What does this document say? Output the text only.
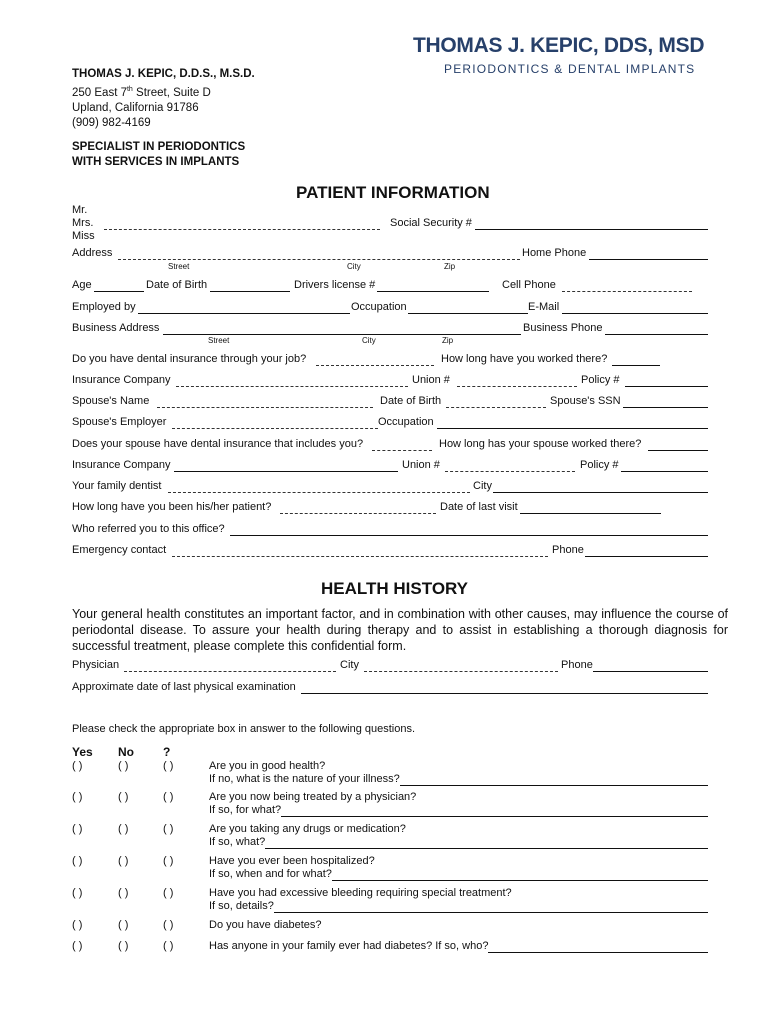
THOMAS J. KEPIC, DDS, MSD
PERIODONTICS & DENTAL IMPLANTS
THOMAS J. KEPIC, D.D.S., M.S.D.
250 East 7th Street, Suite D
Upland, California 91786
(909) 982-4169
SPECIALIST IN PERIODONTICS
WITH SERVICES IN IMPLANTS
PATIENT INFORMATION
Mr.
Mrs.
Miss
Social Security #
Address	Home Phone
Street	City	Zip
Age	Date of Birth	Drivers license #	Cell Phone
Employed by	Occupation	E-Mail
Business Address	Business Phone
Street	City	Zip
Do you have dental insurance through your job?	How long have you worked there?
Insurance Company	Union #	Policy #
Spouse's Name	Date of Birth	Spouse's SSN
Spouse's Employer	Occupation
Does your spouse have dental insurance that includes you?	How long has your spouse worked there?
Insurance Company	Union #	Policy #
Your family dentist	City
How long have you been his/her patient?	Date of last visit
Who referred you to this office?
Emergency contact	Phone
HEALTH HISTORY
Your general health constitutes an important factor, and in combination with other causes, may influence the course of periodontal disease. To assure your health during therapy and to assist in establishing a thorough diagnosis for successful treatment, please complete this confidential form.
Physician	City	Phone
Approximate date of last physical examination
Please check the appropriate box in answer to the following questions.
Yes No ?
( )	( )	( )	Are you in good health?
If no, what is the nature of your illness?
( )	( )	( )	Are you now being treated by a physician?
If so, for what?
( )	( )	( )	Are you taking any drugs or medication?
If so, what?
( )	( )	( )	Have you ever been hospitalized?
If so, when and for what?
( )	( )	( )	Have you had excessive bleeding requiring special treatment?
If so, details?
( )	( )	( )	Do you have diabetes?
( )	( )	( )	Has anyone in your family ever had diabetes? If so, who?
